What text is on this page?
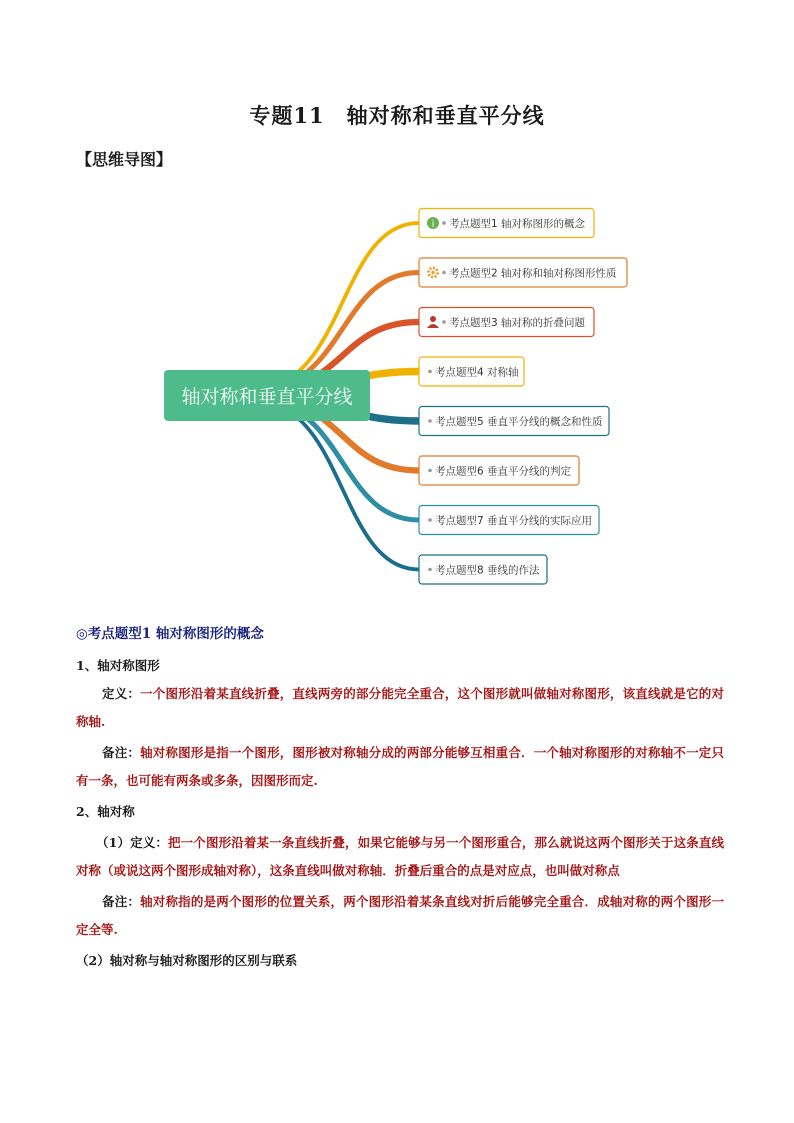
专题11 轴对称和垂直平分线
【思维导图】
i 考点题型1 轴对称图形的概念
考点题型2 轴对称和轴对称图形性质
考点题型3 轴对称的折叠问题
考点题型4 对称轴
考点题型5 垂直平分线的概念和性质
考点题型6 垂直平分线的判定
考点题型7 垂直平分线的实际应用
考点题型8 垂线的作法
轴对称和垂直平分线
◎考点题型1 轴对称图形的概念
1、轴对称图形
定义：一个图形沿着某直线折叠，直线两旁的部分能完全重合，这个图形就叫做轴对称图形，该直线就是它的对称轴.
备注：轴对称图形是指一个图形，图形被对称轴分成的两部分能够互相重合．一个轴对称图形的对称轴不一定只有一条，也可能有两条或多条，因图形而定.
2、轴对称
（1）定义：把一个图形沿着某一条直线折叠，如果它能够与另一个图形重合，那么就说这两个图形关于这条直线对称（或说这两个图形成轴对称），这条直线叫做对称轴．折叠后重合的点是对应点，也叫做对称点
备注：轴对称指的是两个图形的位置关系，两个图形沿着某条直线对折后能够完全重合．成轴对称的两个图形一定全等.
（2）轴对称与轴对称图形的区别与联系
